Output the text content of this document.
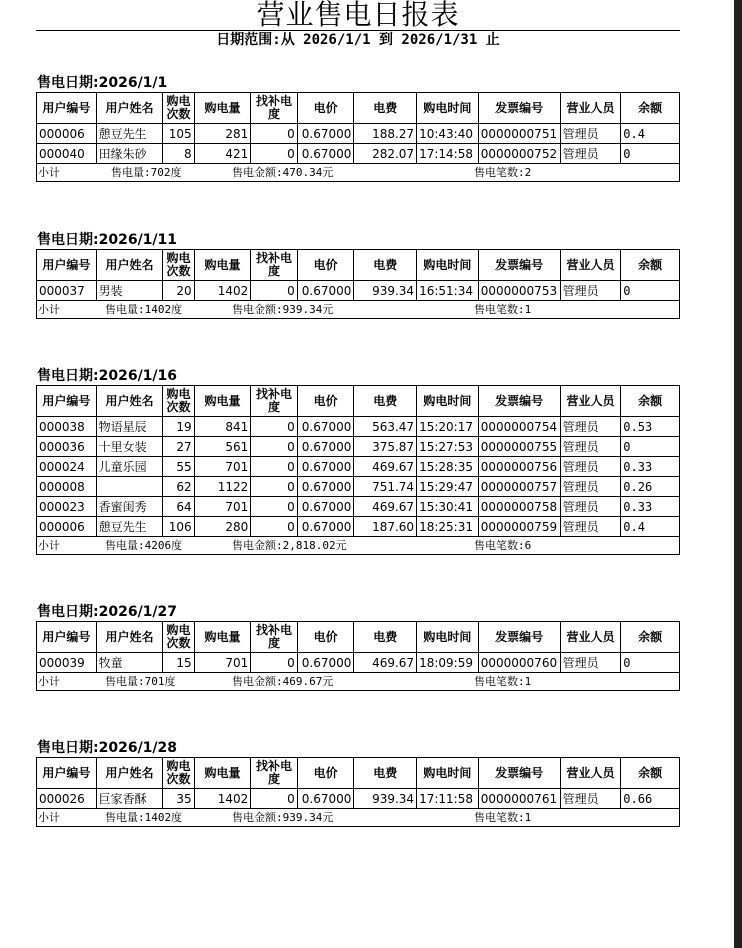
营业售电日报表
日期范围:从 2026/1/1 到 2026/1/31 止
售电日期:2026/1/1
用户编号	用户姓名	购电次数	购电量	找补电度	电价	电费	购电时间	发票编号	营业人员	余额
000006	憩豆先生	105	281	0	0.67000	188.27	10:43:40	0000000751	管理员	0.4
000040	田缘朱砂	8	421	0	0.67000	282.07	17:14:58	0000000752	管理员	0

小计 售电量:702度 售电金额:470.34元 售电笔数:2										
售电日期:2026/1/11
用户编号	用户姓名	购电次数	购电量	找补电度	电价	电费	购电时间	发票编号	营业人员	余额
000037	男装	20	1402	0	0.67000	939.34	16:51:34	0000000753	管理员	0

小计 售电量:1402度 售电金额:939.34元 售电笔数:1										
售电日期:2026/1/16
用户编号	用户姓名	购电次数	购电量	找补电度	电价	电费	购电时间	发票编号	营业人员	余额
000038	物语星辰	19	841	0	0.67000	563.47	15:20:17	0000000754	管理员	0.53
000036	十里女装	27	561	0	0.67000	375.87	15:27:53	0000000755	管理员	0
000024	儿童乐园	55	701	0	0.67000	469.67	15:28:35	0000000756	管理员	0.33
000008		62	1122	0	0.67000	751.74	15:29:47	0000000757	管理员	0.26
000023	香蜜闺秀	64	701	0	0.67000	469.67	15:30:41	0000000758	管理员	0.33
000006	憩豆先生	106	280	0	0.67000	187.60	18:25:31	0000000759	管理员	0.4

小计 售电量:4206度 售电金额:2,818.02元 售电笔数:6										
售电日期:2026/1/27
用户编号	用户姓名	购电次数	购电量	找补电度	电价	电费	购电时间	发票编号	营业人员	余额
000039	牧童	15	701	0	0.67000	469.67	18:09:59	0000000760	管理员	0

小计 售电量:701度 售电金额:469.67元 售电笔数:1										
售电日期:2026/1/28
用户编号	用户姓名	购电次数	购电量	找补电度	电价	电费	购电时间	发票编号	营业人员	余额
000026	巨家香酥	35	1402	0	0.67000	939.34	17:11:58	0000000761	管理员	0.66

小计 售电量:1402度 售电金额:939.34元 售电笔数:1										
